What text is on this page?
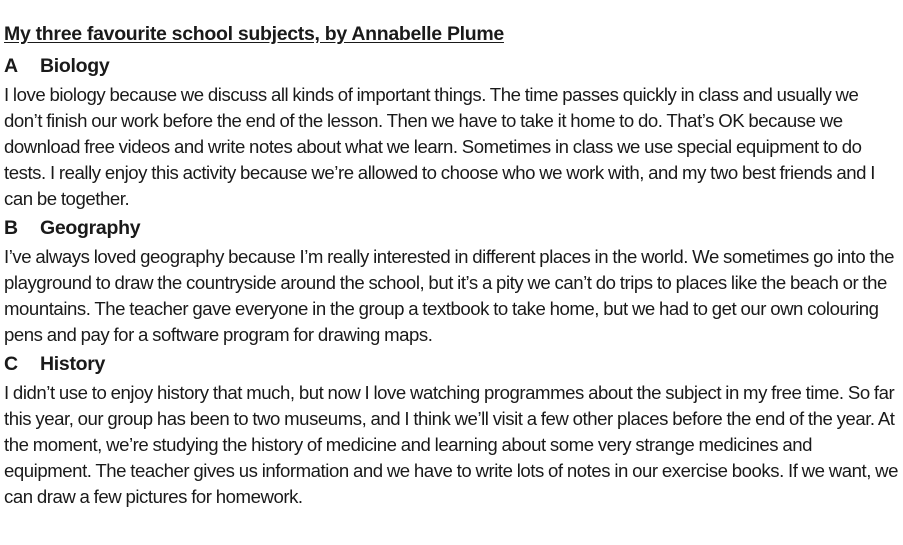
My three favourite school subjects, by Annabelle Plume
A Biology
I love biology because we discuss all kinds of important things. The time passes quickly in class and usually we don’t finish our work before the end of the lesson. Then we have to take it home to do. That’s OK because we download free videos and write notes about what we learn. Sometimes in class we use special equipment to do tests. I really enjoy this activity because we’re allowed to choose who we work with, and my two best friends and I can be together.
B Geography
I’ve always loved geography because I’m really interested in different places in the world. We sometimes go into the playground to draw the countryside around the school, but it’s a pity we can’t do trips to places like the beach or the mountains. The teacher gave everyone in the group a textbook to take home, but we had to get our own colouring pens and pay for a software program for drawing maps.
C History
I didn’t use to enjoy history that much, but now I love watching programmes about the subject in my free time. So far this year, our group has been to two museums, and I think we’ll visit a few other places before the end of the year. At the moment, we’re studying the history of medicine and learning about some very strange medicines and equipment. The teacher gives us information and we have to write lots of notes in our exercise books. If we want, we can draw a few pictures for homework.
